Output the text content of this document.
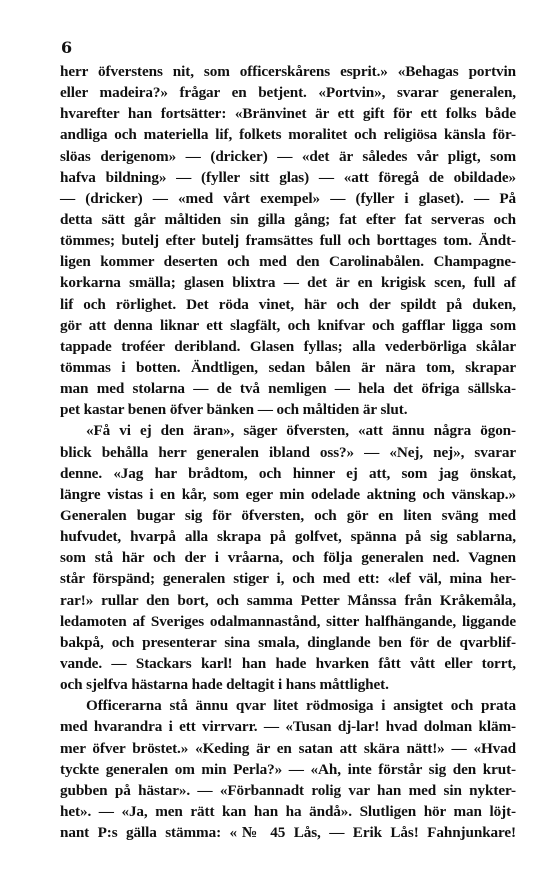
6
herr öfverstens nit, som officerskårens esprit.» «Behagas portvin
eller madeira?» frågar en betjent. «Portvin», svarar generalen,
hvarefter han fortsätter: «Bränvinet är ett gift för ett folks både
andliga och materiella lif, folkets moralitet och religiösa känsla för-
slöas derigenom» — (dricker) — «det är således vår pligt, som
hafva bildning» — (fyller sitt glas) — «att föregå de obildade»
— (dricker) — «med vårt exempel» — (fyller i glaset). — På
detta sätt går måltiden sin gilla gång; fat efter fat serveras och
tömmes; butelj efter butelj framsättes full och borttages tom. Ändt-
ligen kommer deserten och med den Carolinabålen. Champagne-
korkarna smälla; glasen blixtra — det är en krigisk scen, full af
lif och rörlighet. Det röda vinet, här och der spildt på duken,
gör att denna liknar ett slagfält, och knifvar och gafflar ligga som
tappade troféer deribland. Glasen fyllas; alla vederbörliga skålar
tömmas i botten. Ändtligen, sedan bålen är nära tom, skrapar
man med stolarna — de två nemligen — hela det öfriga sällska-
pet kastar benen öfver bänken — och måltiden är slut.
«Få vi ej den äran», säger öfversten, «att ännu några ögon-
blick behålla herr generalen ibland oss?» — «Nej, nej», svarar
denne. «Jag har brådtom, och hinner ej att, som jag önskat,
längre vistas i en kår, som eger min odelade aktning och vänskap.»
Generalen bugar sig för öfversten, och gör en liten sväng med
hufvudet, hvarpå alla skrapa på golfvet, spänna på sig sablarna,
som stå här och der i vråarna, och följa generalen ned. Vagnen
står förspänd; generalen stiger i, och med ett: «lef väl, mina her-
rar!» rullar den bort, och samma Petter Månssa från Kråkemåla,
ledamoten af Sveriges odalmannastånd, sitter halfhängande, liggande
bakpå, och presenterar sina smala, dinglande ben för de qvarblif-
vande. — Stackars karl! han hade hvarken fått vått eller torrt,
och sjelfva hästarna hade deltagit i hans måttlighet.
Officerarna stå ännu qvar litet rödmosiga i ansigtet och prata
med hvarandra i ett virrvarr. — «Tusan dj-lar! hvad dolman kläm-
mer öfver bröstet.» «Keding är en satan att skära nätt!» — «Hvad
tyckte generalen om min Perla?» — «Ah, inte förstår sig den krut-
gubben på hästar». — «Förbannadt rolig var han med sin nykter-
het». — «Ja, men rätt kan han ha ändå». Slutligen hör man löjt-
nant P:s gälla stämma: «№ 45 Lås, — Erik Lås! Fahnjunkare!
